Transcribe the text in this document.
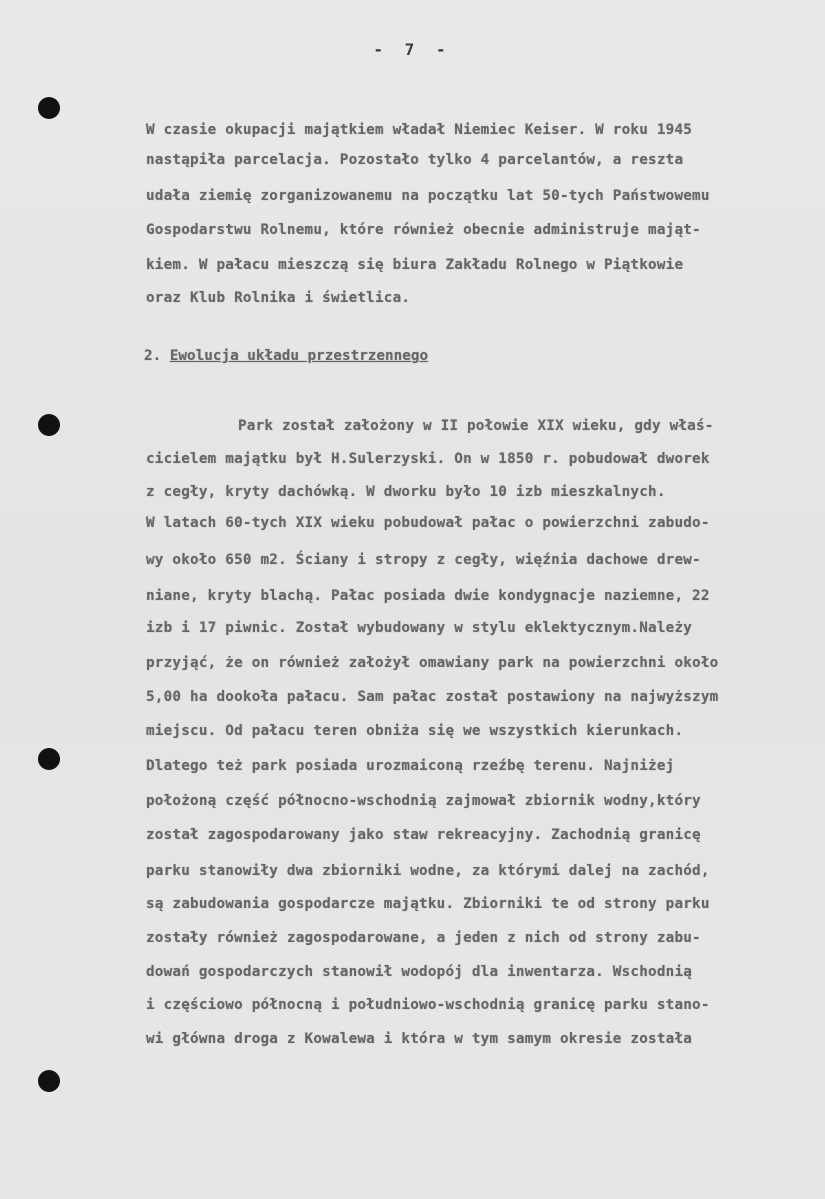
- 7 -
W czasie okupacji majątkiem władał Niemiec Keiser. W roku 1945
nastąpiła parcelacja. Pozostało tylko 4 parcelantów, a reszta
udała ziemię zorganizowanemu na początku lat 50-tych Państwowemu
Gospodarstwu Rolnemu, które również obecnie administruje mająt-
kiem. W pałacu mieszczą się biura Zakładu Rolnego w Piątkowie
oraz Klub Rolnika i świetlica.
2. Ewolucja układu przestrzennego
Park został założony w II połowie XIX wieku, gdy właś-
cicielem majątku był H.Sulerzyski. On w 1850 r. pobudował dworek
z cegły, kryty dachówką. W dworku było 10 izb mieszkalnych.
W latach 60-tych XIX wieku pobudował pałac o powierzchni zabudo-
wy około 650 m2. Ściany i stropy z cegły, więźnia dachowe drew-
niane, kryty blachą. Pałac posiada dwie kondygnacje naziemne, 22
izb i 17 piwnic. Został wybudowany w stylu eklektycznym.Należy
przyjąć, że on również założył omawiany park na powierzchni około
5,00 ha dookoła pałacu. Sam pałac został postawiony na najwyższym
miejscu. Od pałacu teren obniża się we wszystkich kierunkach.
Dlatego też park posiada urozmaiconą rzeźbę terenu. Najniżej
położoną część północno-wschodnią zajmował zbiornik wodny,który
został zagospodarowany jako staw rekreacyjny. Zachodnią granicę
parku stanowiły dwa zbiorniki wodne, za którymi dalej na zachód,
są zabudowania gospodarcze majątku. Zbiorniki te od strony parku
zostały również zagospodarowane, a jeden z nich od strony zabu-
dowań gospodarczych stanowił wodopój dla inwentarza. Wschodnią
i częściowo północną i południowo-wschodnią granicę parku stano-
wi główna droga z Kowalewa i która w tym samym okresie została
